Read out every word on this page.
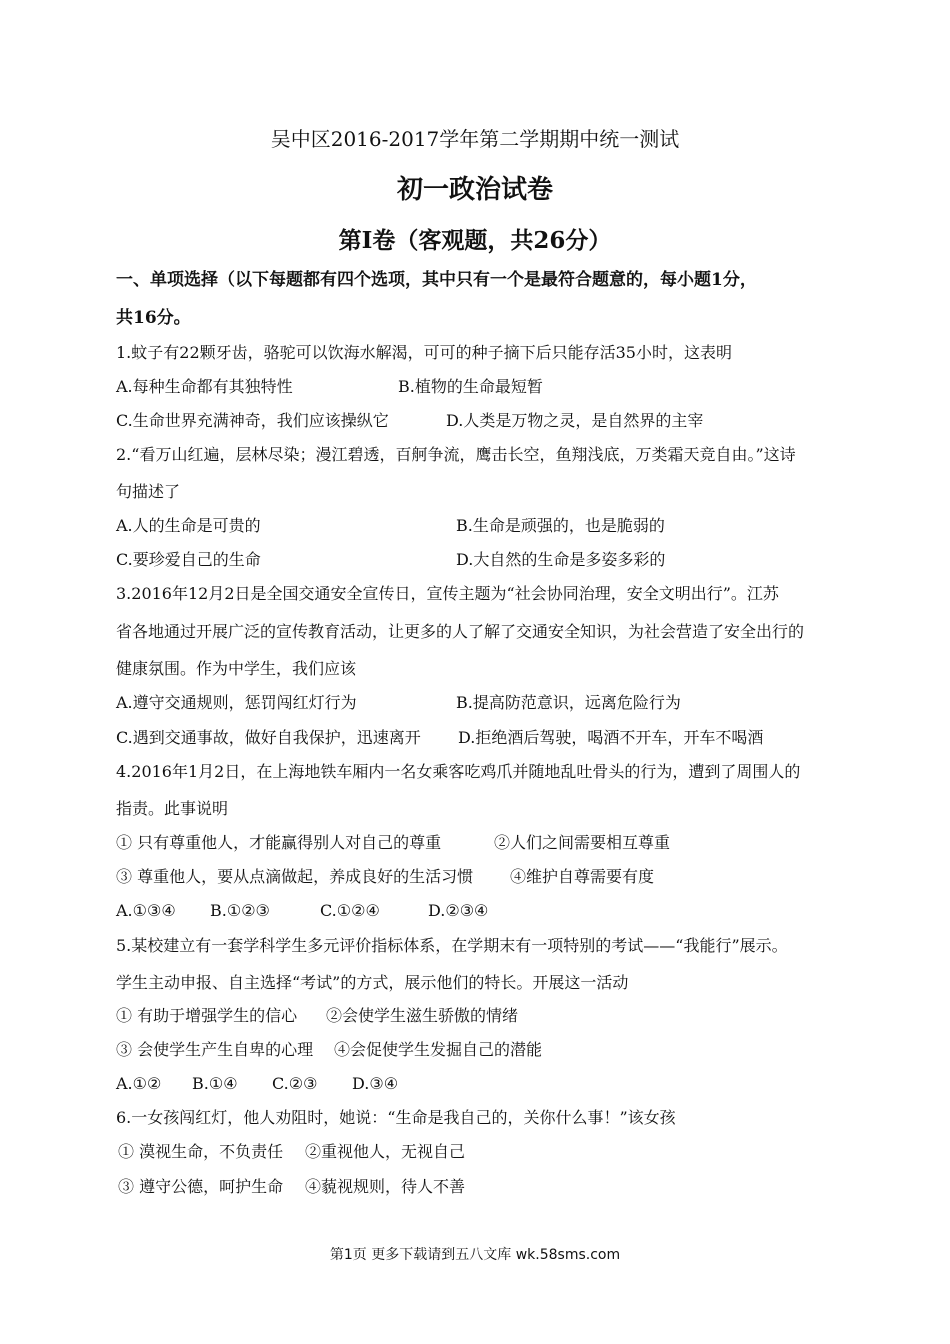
吴中区2016-2017学年第二学期期中统一测试
初一政治试卷
第Ⅰ卷（客观题，共26分）
一、单项选择（以下每题都有四个选项，其中只有一个是最符合题意的，每小题1分，
共16分。
1.蚊子有22颗牙齿，骆驼可以饮海水解渴，可可的种子摘下后只能存活35小时，这表明
A.每种生命都有其独特性	B.植物的生命最短暂
C.生命世界充满神奇，我们应该操纵它	D.人类是万物之灵，是自然界的主宰
2.“看万山红遍，层林尽染；漫江碧透，百舸争流，鹰击长空，鱼翔浅底，万类霜天竞自由。”这诗
句描述了
A.人的生命是可贵的	B.生命是顽强的，也是脆弱的
C.要珍爱自己的生命	D.大自然的生命是多姿多彩的
3.2016年12月2日是全国交通安全宣传日，宣传主题为“社会协同治理，安全文明出行”。江苏
省各地通过开展广泛的宣传教育活动，让更多的人了解了交通安全知识，为社会营造了安全出行的
健康氛围。作为中学生，我们应该
A.遵守交通规则，惩罚闯红灯行为	B.提高防范意识，远离危险行为
C.遇到交通事故，做好自我保护，迅速离开 D.拒绝酒后驾驶，喝酒不开车，开车不喝酒
4.2016年1月2日，在上海地铁车厢内一名女乘客吃鸡爪并随地乱吐骨头的行为，遭到了周围人的
指责。此事说明
① 只有尊重他人，才能赢得别人对自己的尊重	②人们之间需要相互尊重
③ 尊重他人，要从点滴做起，养成良好的生活习惯 ④维护自尊需要有度
A.①③④ B.①②③	C.①②④	D.②③④
5.某校建立有一套学科学生多元评价指标体系，在学期末有一项特别的考试——“我能行”展示。
学生主动申报、自主选择“考试”的方式，展示他们的特长。开展这一活动
① 有助于增强学生的信心 ②会使学生滋生骄傲的情绪
③ 会使学生产生自卑的心理 ④会促使学生发掘自己的潜能
A.①② B.①④ C.②③ D.③④
6.一女孩闯红灯，他人劝阻时，她说：“生命是我自己的，关你什么事！”该女孩
① 漠视生命，不负责任 ②重视他人，无视自己
③ 遵守公德，呵护生命 ④藐视规则，待人不善
第1页 更多下载请到五八文库 wk.58sms.com
